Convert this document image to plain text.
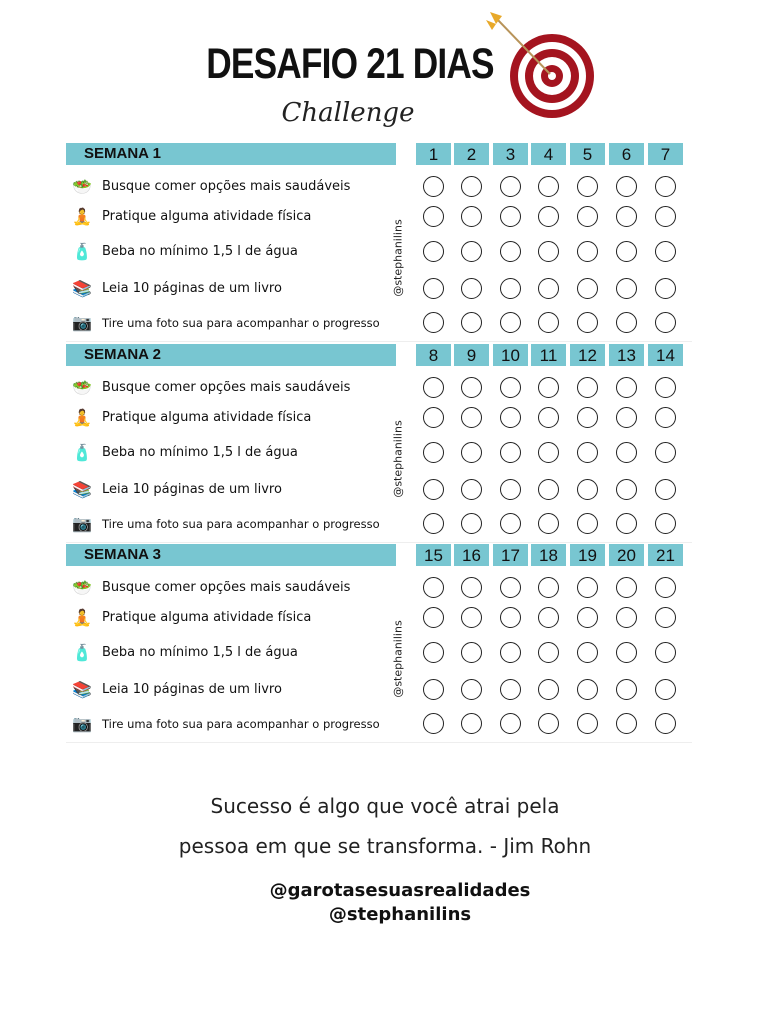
DESAFIO 21 DIAS
Challenge
SEMANA 1	1	2	3	4	5	6	7
🥗 Busque comer opções mais saudáveis
🧘 Pratique alguma atividade física
🧴 Beba no mínimo 1,5 l de água
📚 Leia 10 páginas de um livro
📷 Tire uma foto sua para acompanhar o progresso
@stephanilins
SEMANA 2	8	9	10	11	12	13	14
🥗 Busque comer opções mais saudáveis
🧘 Pratique alguma atividade física
🧴 Beba no mínimo 1,5 l de água
📚 Leia 10 páginas de um livro
📷 Tire uma foto sua para acompanhar o progresso
@stephanilins
SEMANA 3	15	16	17	18	19	20	21
🥗 Busque comer opções mais saudáveis
🧘 Pratique alguma atividade física
🧴 Beba no mínimo 1,5 l de água
📚 Leia 10 páginas de um livro
📷 Tire uma foto sua para acompanhar o progresso
@stephanilins
Sucesso é algo que você atrai pela
pessoa em que se transforma. - Jim Rohn
@garotasesuasrealidades
@stephanilins
